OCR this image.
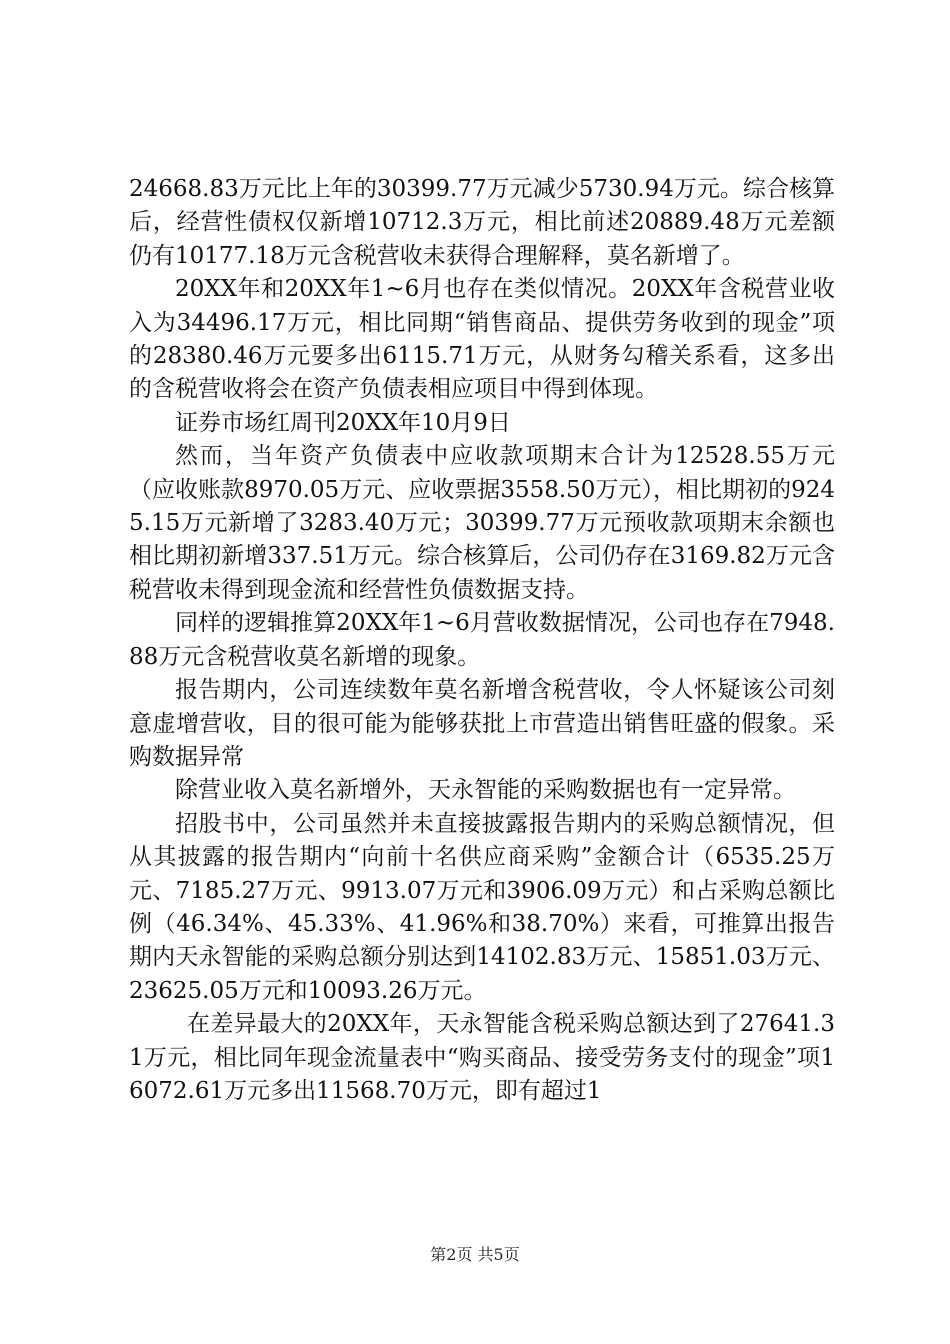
24668.83万元比上年的30399.77万元减少5730.94万元。综合核算后，经营性债权仅新增10712.3万元，相比前述20889.48万元差额仍有10177.18万元含税营收未获得合理解释，莫名新增了。

20XX年和20XX年1~6月也存在类似情况。20XX年含税营业收入为34496.17万元，相比同期“销售商品、提供劳务收到的现金”项的28380.46万元要多出6115.71万元，从财务勾稽关系看，这多出的含税营收将会在资产负债表相应项目中得到体现。

证券市场红周刊20XX年10月9日

然而，当年资产负债表中应收款项期末合计为12528.55万元（应收账款8970.05万元、应收票据3558.50万元），相比期初的9245.15万元新增了3283.40万元；30399.77万元预收款项期末余额也相比期初新增337.51万元。综合核算后，公司仍存在3169.82万元含税营收未得到现金流和经营性负债数据支持。

同样的逻辑推算20XX年1~6月营收数据情况，公司也存在7948.88万元含税营收莫名新增的现象。

报告期内，公司连续数年莫名新增含税营收，令人怀疑该公司刻意虚增营收，目的很可能为能够获批上市营造出销售旺盛的假象。采购数据异常

除营业收入莫名新增外，天永智能的采购数据也有一定异常。

招股书中，公司虽然并未直接披露报告期内的采购总额情况，但从其披露的报告期内“向前十名供应商采购”金额合计（6535.25万元、7185.27万元、9913.07万元和3906.09万元）和占采购总额比例（46.34%、45.33%、41.96%和38.70%）来看，可推算出报告期内天永智能的采购总额分别达到14102.83万元、15851.03万元、23625.05万元和10093.26万元。

在差异最大的20XX年，天永智能含税采购总额达到了27641.31万元，相比同年现金流量表中“购买商品、接受劳务支付的现金”项16072.61万元多出11568.70万元，即有超过1

第2页 共5页
